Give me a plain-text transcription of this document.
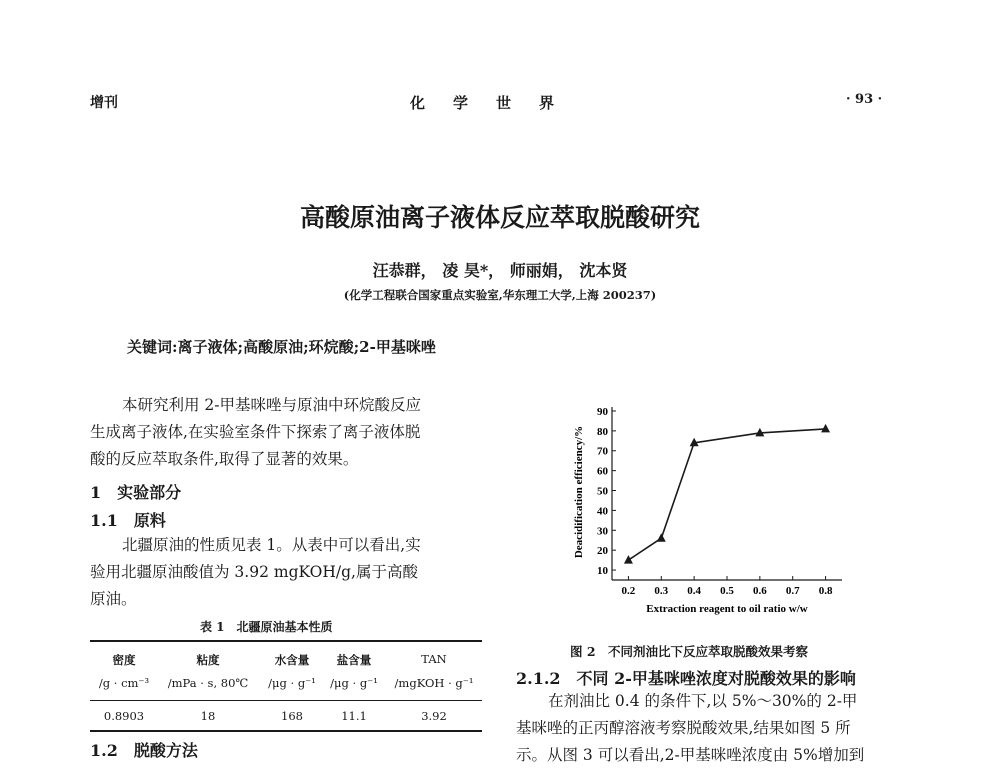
增刊	化学世界	· 93 ·
高酸原油离子液体反应萃取脱酸研究
汪恭群， 凌 昊*， 师丽娟， 沈本贤
(化学工程联合国家重点实验室,华东理工大学,上海 200237)
关键词:离子液体;高酸原油;环烷酸;2-甲基咪唑
本研究利用 2-甲基咪唑与原油中环烷酸反应
生成离子液体,在实验室条件下探索了离子液体脱
酸的反应萃取条件,取得了显著的效果。
1　实验部分
1.1　原料
北疆原油的性质见表 1。从表中可以看出,实
验用北疆原油酸值为 3.92 mgKOH/g,属于高酸
原油。
表 1　北疆原油基本性质
密度	粘度	水含量	盐含量	TAN
/g · cm⁻³	/mPa · s, 80℃	/μg · g⁻¹	/μg · g⁻¹	/mgKOH · g⁻¹
0.8903	18	168	11.1	3.92
1.2　脱酸方法
0.2 0.3 0.4 0.5 0.6 0.7 0.8
10
20
30
40
50
60
70
80
90
Deacidification efficiency/%
Extraction reagent to oil ratio w/w
图 2　不同剂油比下反应萃取脱酸效果考察
2.1.2　不同 2-甲基咪唑浓度对脱酸效果的影响
在剂油比 0.4 的条件下,以 5%～30%的 2-甲
基咪唑的正丙醇溶液考察脱酸效果,结果如图 5 所
示。从图 3 可以看出,2-甲基咪唑浓度由 5%增加到
